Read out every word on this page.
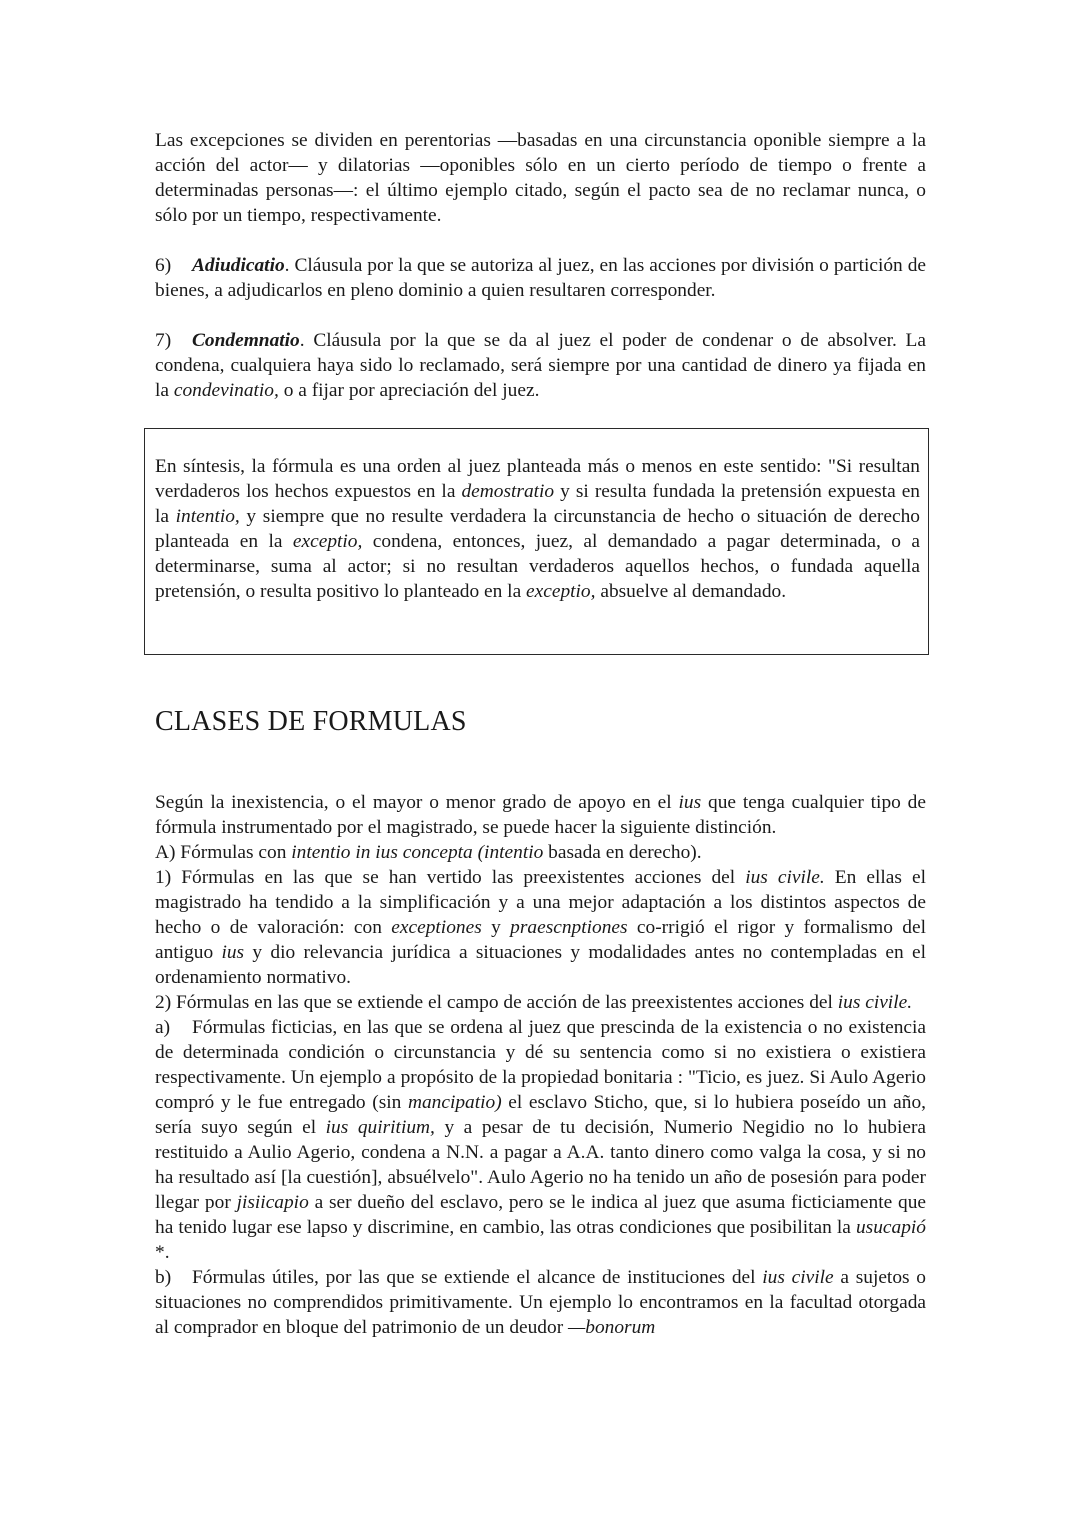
Las excepciones se dividen en perentorias —basadas en una circunstancia oponible siempre a la acción del actor— y dilatorias —oponibles sólo en un cierto período de tiempo o frente a determinadas personas—: el último ejemplo citado, según el pacto sea de no reclamar nunca, o sólo por un tiempo, respectivamente.

6) Adiudicatio. Cláusula por la que se autoriza al juez, en las acciones por división o partición de bienes, a adjudicarlos en pleno dominio a quien resultaren corresponder.

7) Condemnatio. Cláusula por la que se da al juez el poder de condenar o de absolver. La condena, cualquiera haya sido lo reclamado, será siempre por una cantidad de dinero ya fijada en la condevinatio, o a fijar por apreciación del juez.

En síntesis, la fórmula es una orden al juez planteada más o menos en este sentido: "Si resultan verdaderos los hechos expuestos en la demostratio y si resulta fundada la pretensión expuesta en la intentio, y siempre que no resulte verdadera la circunstancia de hecho o situación de derecho planteada en la exceptio, condena, entonces, juez, al demandado a pagar determinada, o a determinarse, suma al actor; si no resultan verdaderos aquellos hechos, o fundada aquella pretensión, o resulta positivo lo planteado en la exceptio, absuelve al demandado.

CLASES DE FORMULAS

Según la inexistencia, o el mayor o menor grado de apoyo en el ius que tenga cualquier tipo de fórmula instrumentado por el magistrado, se puede hacer la siguiente distinción.

A) Fórmulas con intentio in ius concepta (intentio basada en derecho).

1) Fórmulas en las que se han vertido las preexistentes acciones del ius civile. En ellas el magistrado ha tendido a la simplificación y a una mejor adaptación a los distintos aspectos de hecho o de valoración: con exceptiones y praescnptiones co-rrigió el rigor y formalismo del antiguo ius y dio relevancia jurídica a situaciones y modalidades antes no contempladas en el ordenamiento normativo.

2) Fórmulas en las que se extiende el campo de acción de las preexistentes acciones del ius civile.

a) Fórmulas ficticias, en las que se ordena al juez que prescinda de la existencia o no existencia de determinada condición o circunstancia y dé su sentencia como si no existiera o existiera respectivamente. Un ejemplo a propósito de la propiedad bonitaria : "Ticio, es juez. Si Aulo Agerio compró y le fue entregado (sin mancipatio) el esclavo Sticho, que, si lo hubiera poseído un año, sería suyo según el ius quiritium, y a pesar de tu decisión, Numerio Negidio no lo hubiera restituido a Aulio Agerio, condena a N.N. a pagar a A.A. tanto dinero como valga la cosa, y si no ha resultado así [la cuestión], absuélvelo". Aulo Agerio no ha tenido un año de posesión para poder llegar por jisiicapio a ser dueño del esclavo, pero se le indica al juez que asuma ficticiamente que ha tenido lugar ese lapso y discrimine, en cambio, las otras condiciones que posibilitan la usucapió *.

b) Fórmulas útiles, por las que se extiende el alcance de instituciones del ius civile a sujetos o situaciones no comprendidos primitivamente. Un ejemplo lo encontramos en la facultad otorgada al comprador en bloque del patrimonio de un deudor —bonorum
